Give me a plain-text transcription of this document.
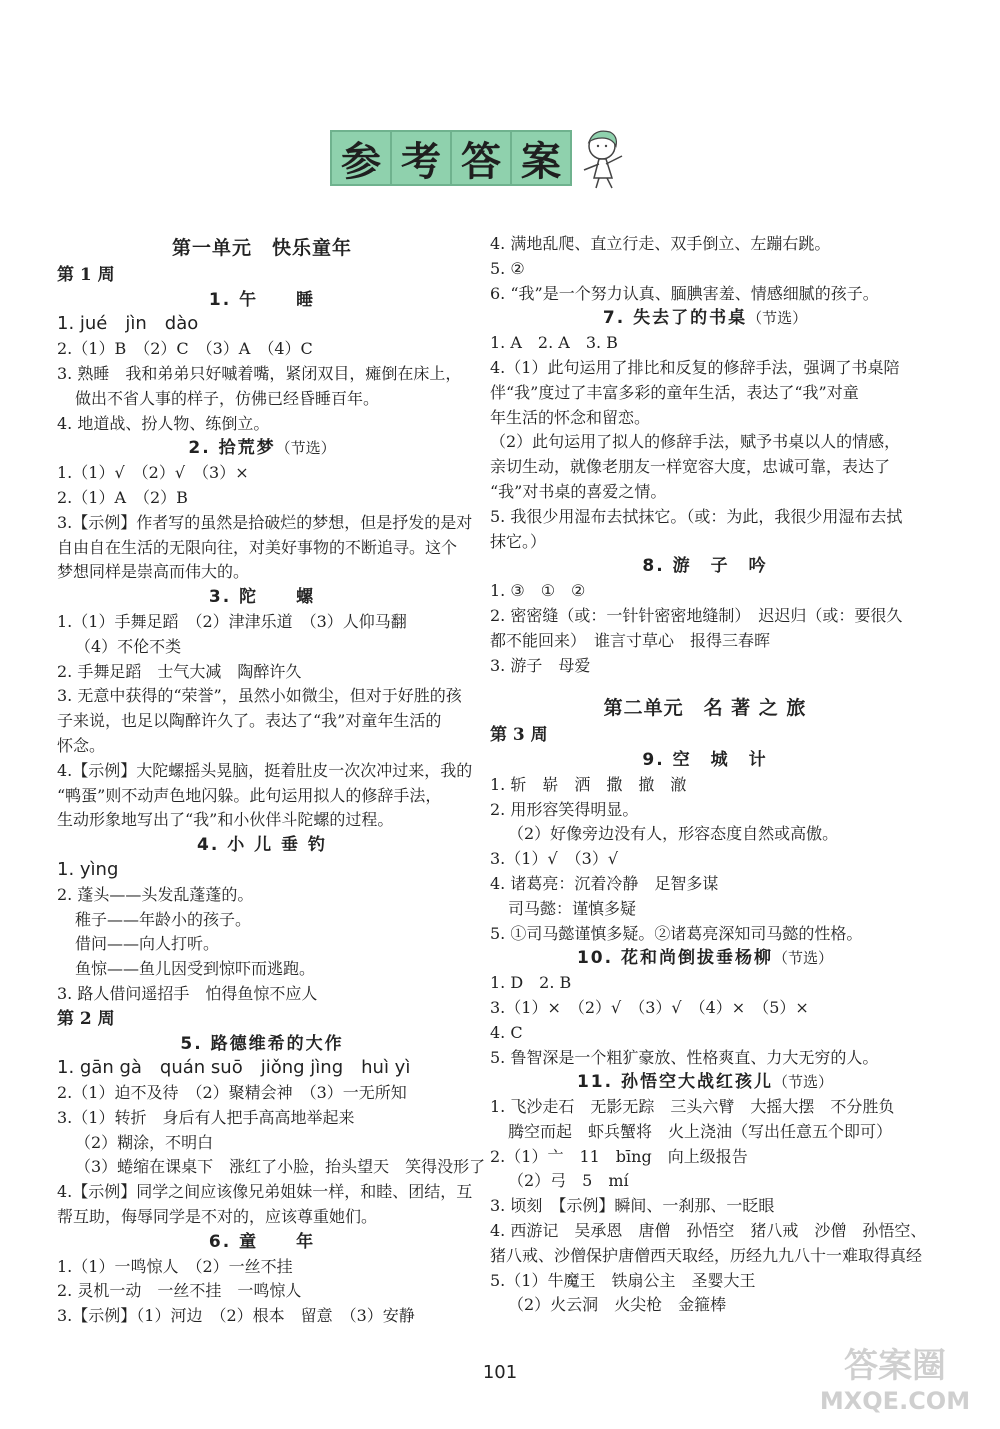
参 考 答 案
第一单元　快乐童年
第 1 周
1. 午　　睡
1. jué　jìn　dào
2.（1）B　（2）C　（3）A　（4）C
3. 熟睡　我和弟弟只好嘁着嘴，紧闭双目，瘫倒在床上，
做出不省人事的样子，仿佛已经昏睡百年。
4. 地道战、扮人物、练倒立。
2. 拾荒梦（节选）
1.（1）√　（2）√　（3）×
2.（1）A　（2）B
3.【示例】作者写的虽然是拾破烂的梦想，但是抒发的是对
自由自在生活的无限向往，对美好事物的不断追寻。这个
梦想同样是崇高而伟大的。
3. 陀　　螺
1.（1）手舞足蹈　（2）津津乐道　（3）人仰马翻
（4）不伦不类
2. 手舞足蹈　士气大减　陶醉许久
3. 无意中获得的“荣誉”，虽然小如微尘，但对于好胜的孩
子来说，也足以陶醉许久了。表达了“我”对童年生活的
怀念。
4.【示例】大陀螺摇头晃脑，挺着肚皮一次次冲过来，我的
“鸭蛋”则不动声色地闪躲。此句运用拟人的修辞手法，
生动形象地写出了“我”和小伙伴斗陀螺的过程。
4. 小 儿 垂 钓
1. yìng
2. 蓬头——头发乱蓬蓬的。
稚子——年龄小的孩子。
借问——向人打听。
鱼惊——鱼儿因受到惊吓而逃跑。
3. 路人借问遥招手　怕得鱼惊不应人
第 2 周
5. 路德维希的大作
1. gān gà　quán suō　jiǒng jìng　huì yì
2.（1）迫不及待　（2）聚精会神　（3）一无所知
3.（1）转折　身后有人把手高高地举起来
（2）糊涂，不明白
（3）蜷缩在课桌下　涨红了小脸，抬头望天　笑得没形了
4.【示例】同学之间应该像兄弟姐妹一样，和睦、团结，互
帮互助，侮辱同学是不对的，应该尊重她们。
6. 童　　年
1.（1）一鸣惊人　（2）一丝不挂
2. 灵机一动　一丝不挂　一鸣惊人
3.【示例】（1）河边　（2）根本　留意　（3）安静
4. 满地乱爬、直立行走、双手倒立、左蹦右跳。
5. ②
6. “我”是一个努力认真、腼腆害羞、情感细腻的孩子。
7. 失去了的书桌（节选）
1. A　2. A　3. B
4.（1）此句运用了排比和反复的修辞手法，强调了书桌陪
伴“我”度过了丰富多彩的童年生活，表达了“我”对童
年生活的怀念和留恋。
（2）此句运用了拟人的修辞手法，赋予书桌以人的情感，
亲切生动，就像老朋友一样宽容大度，忠诚可靠，表达了
“我”对书桌的喜爱之情。
5. 我很少用湿布去拭抹它。（或：为此，我很少用湿布去拭
抹它。）
8. 游　子　吟
1. ③　①　②
2. 密密缝（或：一针针密密地缝制）　迟迟归（或：要很久
都不能回来）　谁言寸草心　报得三春晖
3. 游子　母爱
第二单元　名 著 之 旅
第 3 周
9. 空　城　计
1. 斩　崭　洒　撒　撤　澈
2. 用形容笑得明显。
（2）好像旁边没有人，形容态度自然或高傲。
3.（1）√　（3）√
4. 诸葛亮：沉着冷静　足智多谋
司马懿：谨慎多疑
5. ①司马懿谨慎多疑。②诸葛亮深知司马懿的性格。
10. 花和尚倒拔垂杨柳（节选）
1. D　2. B
3.（1）×　（2）√　（3）√　（4）×　（5）×
4. C
5. 鲁智深是一个粗犷豪放、性格爽直、力大无穷的人。
11. 孙悟空大战红孩儿（节选）
1. 飞沙走石　无影无踪　三头六臂　大摇大摆　不分胜负
腾空而起　虾兵蟹将　火上浇油（写出任意五个即可）
2.（1）亠　11　bīng　向上级报告
（2）弓　5　mí
3. 顷刻　【示例】瞬间、一刹那、一眨眼
4. 西游记　吴承恩　唐僧　孙悟空　猪八戒　沙僧　孙悟空、
猪八戒、沙僧保护唐僧西天取经，历经九九八十一难取得真经
5.（1）牛魔王　铁扇公主　圣婴大王
（2）火云洞　火尖枪　金箍棒
101	答案圈
MXQE.COM
